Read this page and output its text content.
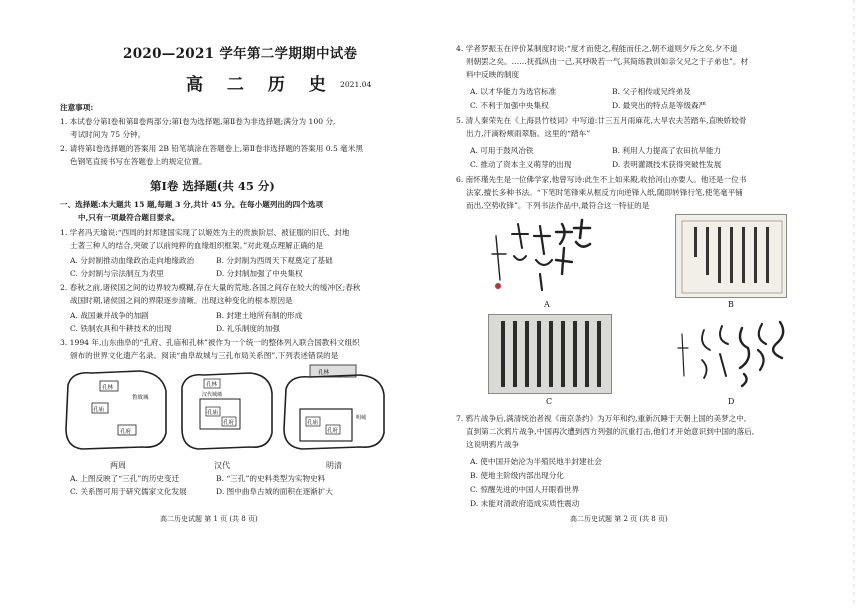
2020—2021 学年第二学期期中试卷
高 二 历 史 2021.04
注意事项:
1. 本试卷分第Ⅰ卷和第Ⅱ卷两部分;第Ⅰ卷为选择题,第Ⅱ卷为非选择题;满分为 100 分,
考试时间为 75 分钟。
2. 请将第Ⅰ卷选择题的答案用 2B 铅笔填涂在答题卷上,第Ⅱ卷非选择题的答案用 0.5 毫米黑
色钢笔直接书写在答题卷上的规定位置。
第Ⅰ卷 选择题(共 45 分)
一、选择题:本大题共 15 题,每题 3 分,共计 45 分。在每小题列出的四个选项
中,只有一项最符合题目要求。
1. 学者冯天瑜说:“西周的封邦建国实现了以姬姓为主的贵族阶层、被征服的旧氏、封地
土著三种人的结合,突破了以前纯粹的血缘组织框架。”对此观点理解正确的是
A. 分封制推动血缘政治走向地缘政治	B. 分封制为西周天下观奠定了基础
C. 分封制与宗法制互为表里	D. 分封制加强了中央集权
2. 春秋之前,诸侯国之间的边界较为模糊,存在大量的荒地,各国之间存在较大的缓冲区;春秋
战国时期,诸侯国之间的界限逐步清晰。出现这种变化的根本原因是
A. 战国兼并战争的加剧	B. 封建土地所有制的形成
C. 铁制农具和牛耕技术的出现	D. 礼乐制度的加强
3. 1994 年,山东曲阜的“孔府、孔庙和孔林”被作为一个统一的整体列入联合国教科文组织
颁布的世界文化遗产名录。阅读“曲阜故城与三孔布局关系图”,下列表述错误的是
孔林
孔庙
孔府
鲁故城
孔林
孔庙
孔府
汉代城墙
孔林
孔庙
孔府
明城
两周	汉代	明清
A. 上图反映了“三孔”的历史变迁	B. “三孔”的史料类型为实物史料
C. 关系图可用于研究儒家文化发展	D. 图中曲阜古城的面积在逐渐扩大
高二历史试题 第 1 页 (共 8 页)
4. 学者罗振玉在评价某制度时说:“度才而使之,程能而任之,朝不道则夕斥之矣,夕不道
则朝罢之矣。……抚孤纵由一己,其呼吸若一气,其简练教训如亲父兄之于子弟也”。材
料中反映的制度
A. 以才华能力为选官标准	B. 父子相传或兄终弟及
C. 不利于加强中央集权	D. 最突出的特点是等级森严
5. 清人秦荣先在《上海县竹枝词》中写道:廿三五月雨麻花,大旱农夫苦踏车,直映娇姣骨
出力,汗滴粉颊雨翠脂。这里的“踏车”
A. 可用于鼓风冶铁	B. 利用人力提高了农田抗旱能力
C. 推动了资本主义萌芽的出现	D. 表明灌溉技术获得突破性发展
6. 南怀瑾先生是一位佛学家,他曾写诗:此生不上如来殿,收拾河山亦要人。他还是一位书
法家,擅长多种书法。“下笔时笔锋乘从框反方向逆锋入纸,随即转锋行笔,使笔毫平铺
而出,空势收锋”。下列书法作品中,最符合这一特征的是
A	B
C	D
7. 鸦片战争后,满清统治者视《南京条约》为万年和约,重新沉睡于天朝上国的美梦之中,
直到第二次鸦片战争,中国再次遭到西方列强的沉重打击,他们才开始意识到中国的落后,
这说明鸦片战争
A. 使中国开始沦为半殖民地半封建社会
B. 使地主阶级内部出现分化
C. 惊醒先进的中国人开眼看世界
D. 未能对清政府造成实质性震动
高二历史试题 第 2 页 (共 8 页)
